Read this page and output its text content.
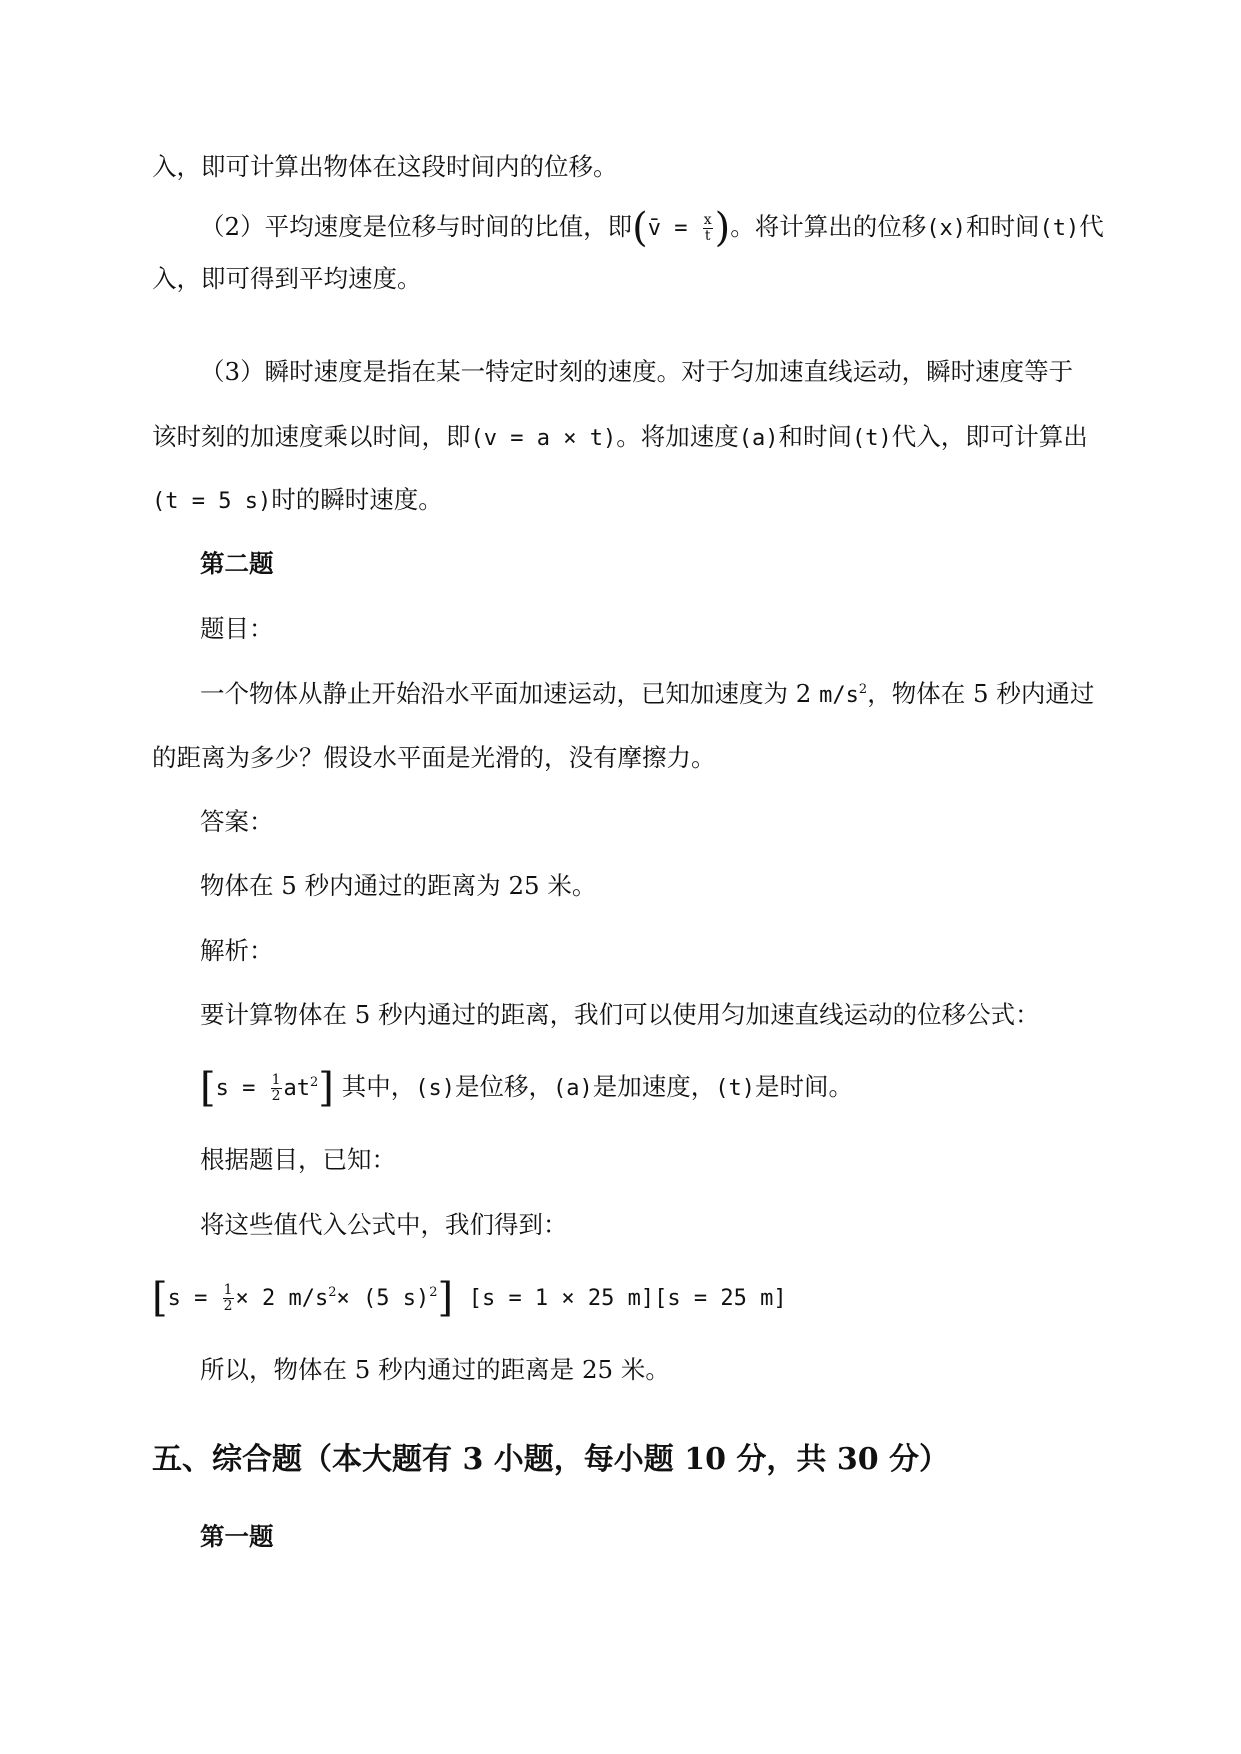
入，即可计算出物体在这段时间内的位移。
（2）平均速度是位移与时间的比值，即(v̄ = $\frac{x}{t}$ )。将计算出的位移(x)和时间(t)代
入，即可得到平均速度。
（3）瞬时速度是指在某一特定时刻的速度。对于匀加速直线运动，瞬时速度等于
该时刻的加速度乘以时间，即(v = a × t)。将加速度(a)和时间(t)代入，即可计算出
(t = 5 s)时的瞬时速度。
第二题
题目：
一个物体从静止开始沿水平面加速运动，已知加速度为 2 $m/s^2$，物体在 5 秒内通过
的距离为多少？假设水平面是光滑的，没有摩擦力。
答案：
物体在 5 秒内通过的距离为 25 米。
解析：
要计算物体在 5 秒内通过的距离，我们可以使用匀加速直线运动的位移公式：
$[s = \frac{1}{2} at^2]$ 其中，(s)是位移，(a)是加速度，(t)是时间。
根据题目，已知：
将这些值代入公式中，我们得到：
[$s = \frac{1}{2} \times 2$ $m/s^2\times (5$ s)$^2$] [s = 1 × 25 m][s = 25 m]
所以，物体在 5 秒内通过的距离是 25 米。
五、综合题（本大题有 3 小题，每小题 10 分，共 30 分）
第一题
